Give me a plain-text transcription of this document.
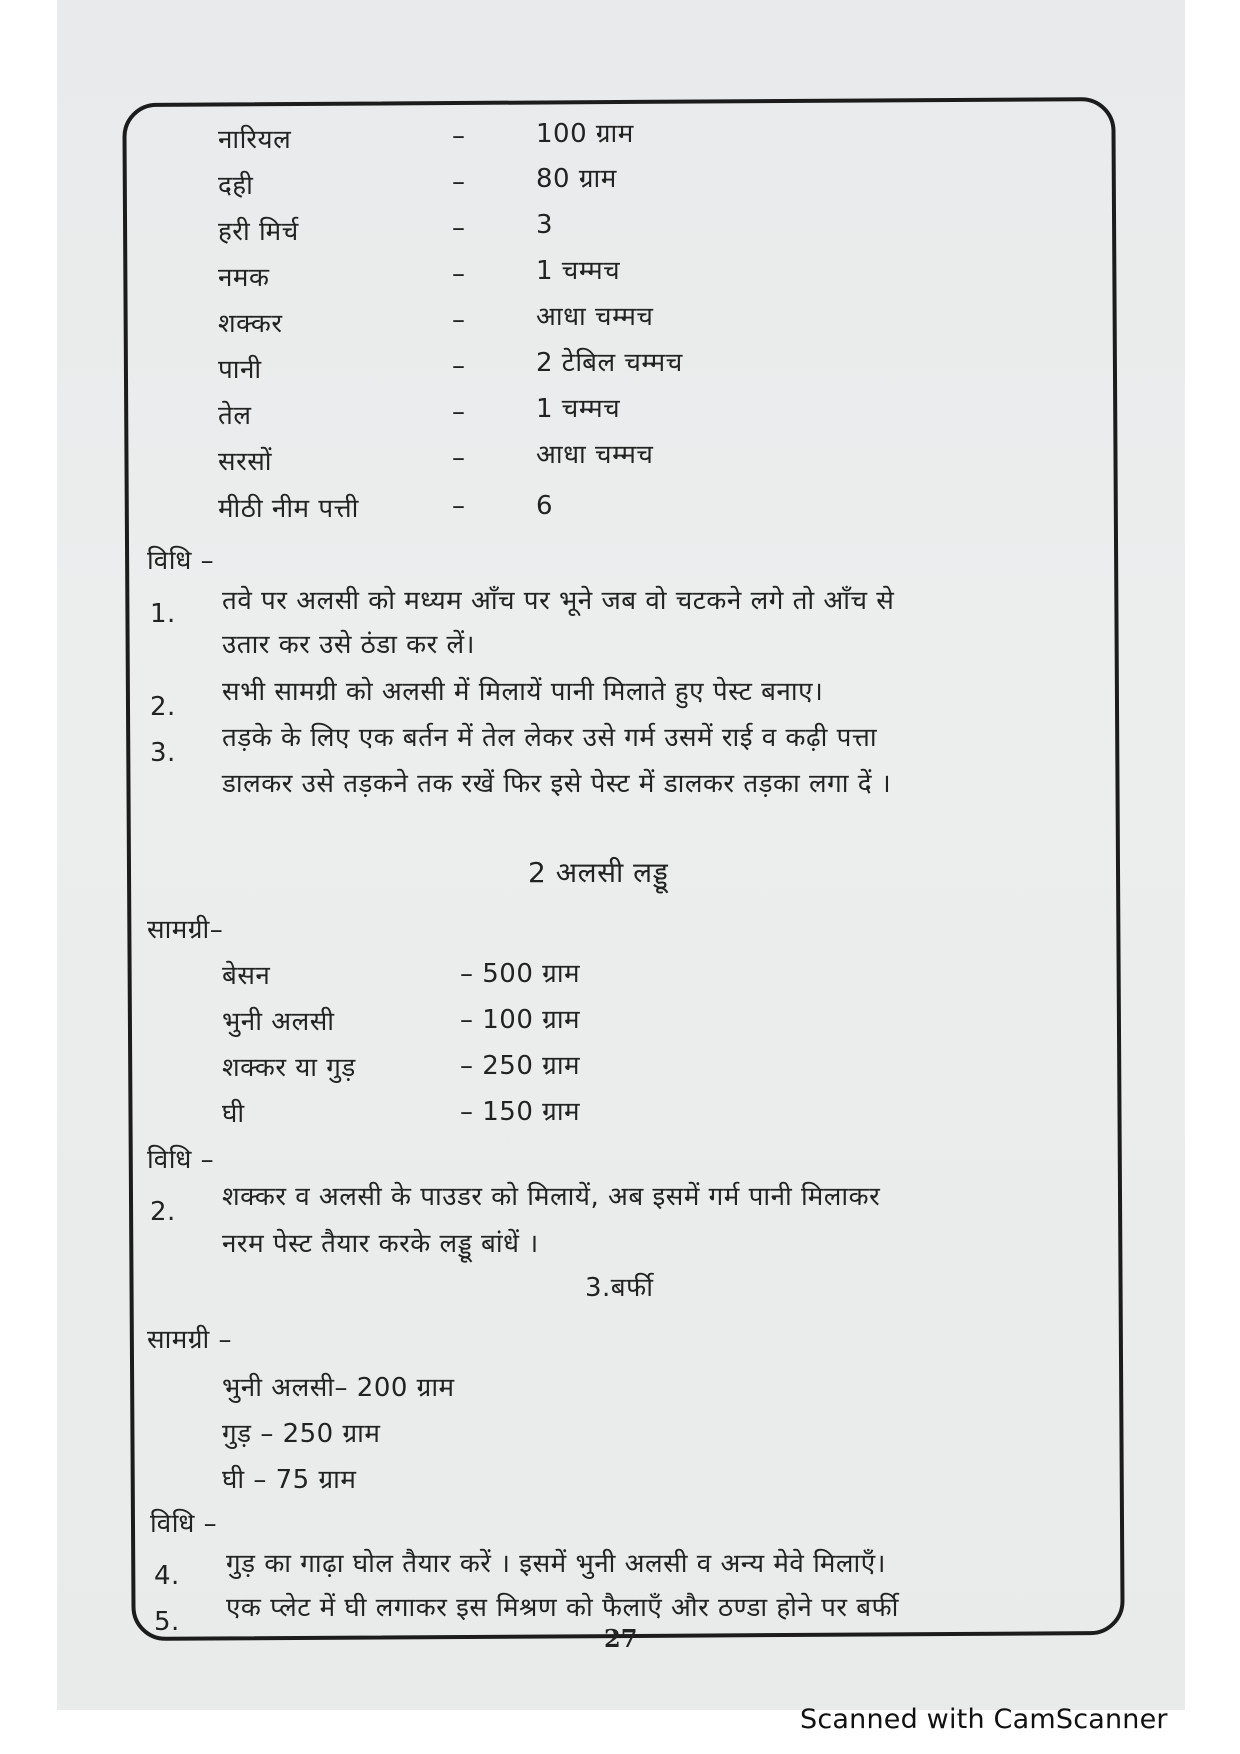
नारियल	–	100 ग्राम
दही	–	80 ग्राम
हरी मिर्च	–	3
नमक	–	1 चम्मच
शक्कर	–	आधा चम्मच
पानी	–	2 टेबिल चम्मच
तेल	–	1 चम्मच
सरसों	–	आधा चम्मच
मीठी नीम पत्ती	–	6
विधि –
1. तवे पर अलसी को मध्यम आँच पर भूने जब वो चटकने लगे तो आँच से
उतार कर उसे ठंडा कर लें।
2. सभी सामग्री को अलसी में मिलायें पानी मिलाते हुए पेस्ट बनाए।
3. तड़के के लिए एक बर्तन में तेल लेकर उसे गर्म उसमें राई व कढ़ी पत्ता
डालकर उसे तड़कने तक रखें फिर इसे पेस्ट में डालकर तड़का लगा दें ।
2 अलसी लड्डू
सामग्री–
बेसन	– 500 ग्राम
भुनी अलसी	– 100 ग्राम
शक्कर या गुड़	– 250 ग्राम
घी	– 150 ग्राम
विधि –
2. शक्कर व अलसी के पाउडर को मिलायें, अब इसमें गर्म पानी मिलाकर
नरम पेस्ट तैयार करके लड्डू बांधें ।
3.बर्फी
सामग्री –
भुनी अलसी– 200 ग्राम
गुड़ – 250 ग्राम
घी – 75 ग्राम
विधि –
4. गुड़ का गाढ़ा घोल तैयार करें । इसमें भुनी अलसी व अन्य मेवे मिलाएँ।
5. एक प्लेट में घी लगाकर इस मिश्रण को फैलाएँ और ठण्डा होने पर बर्फी
27
Scanned with CamScanner
